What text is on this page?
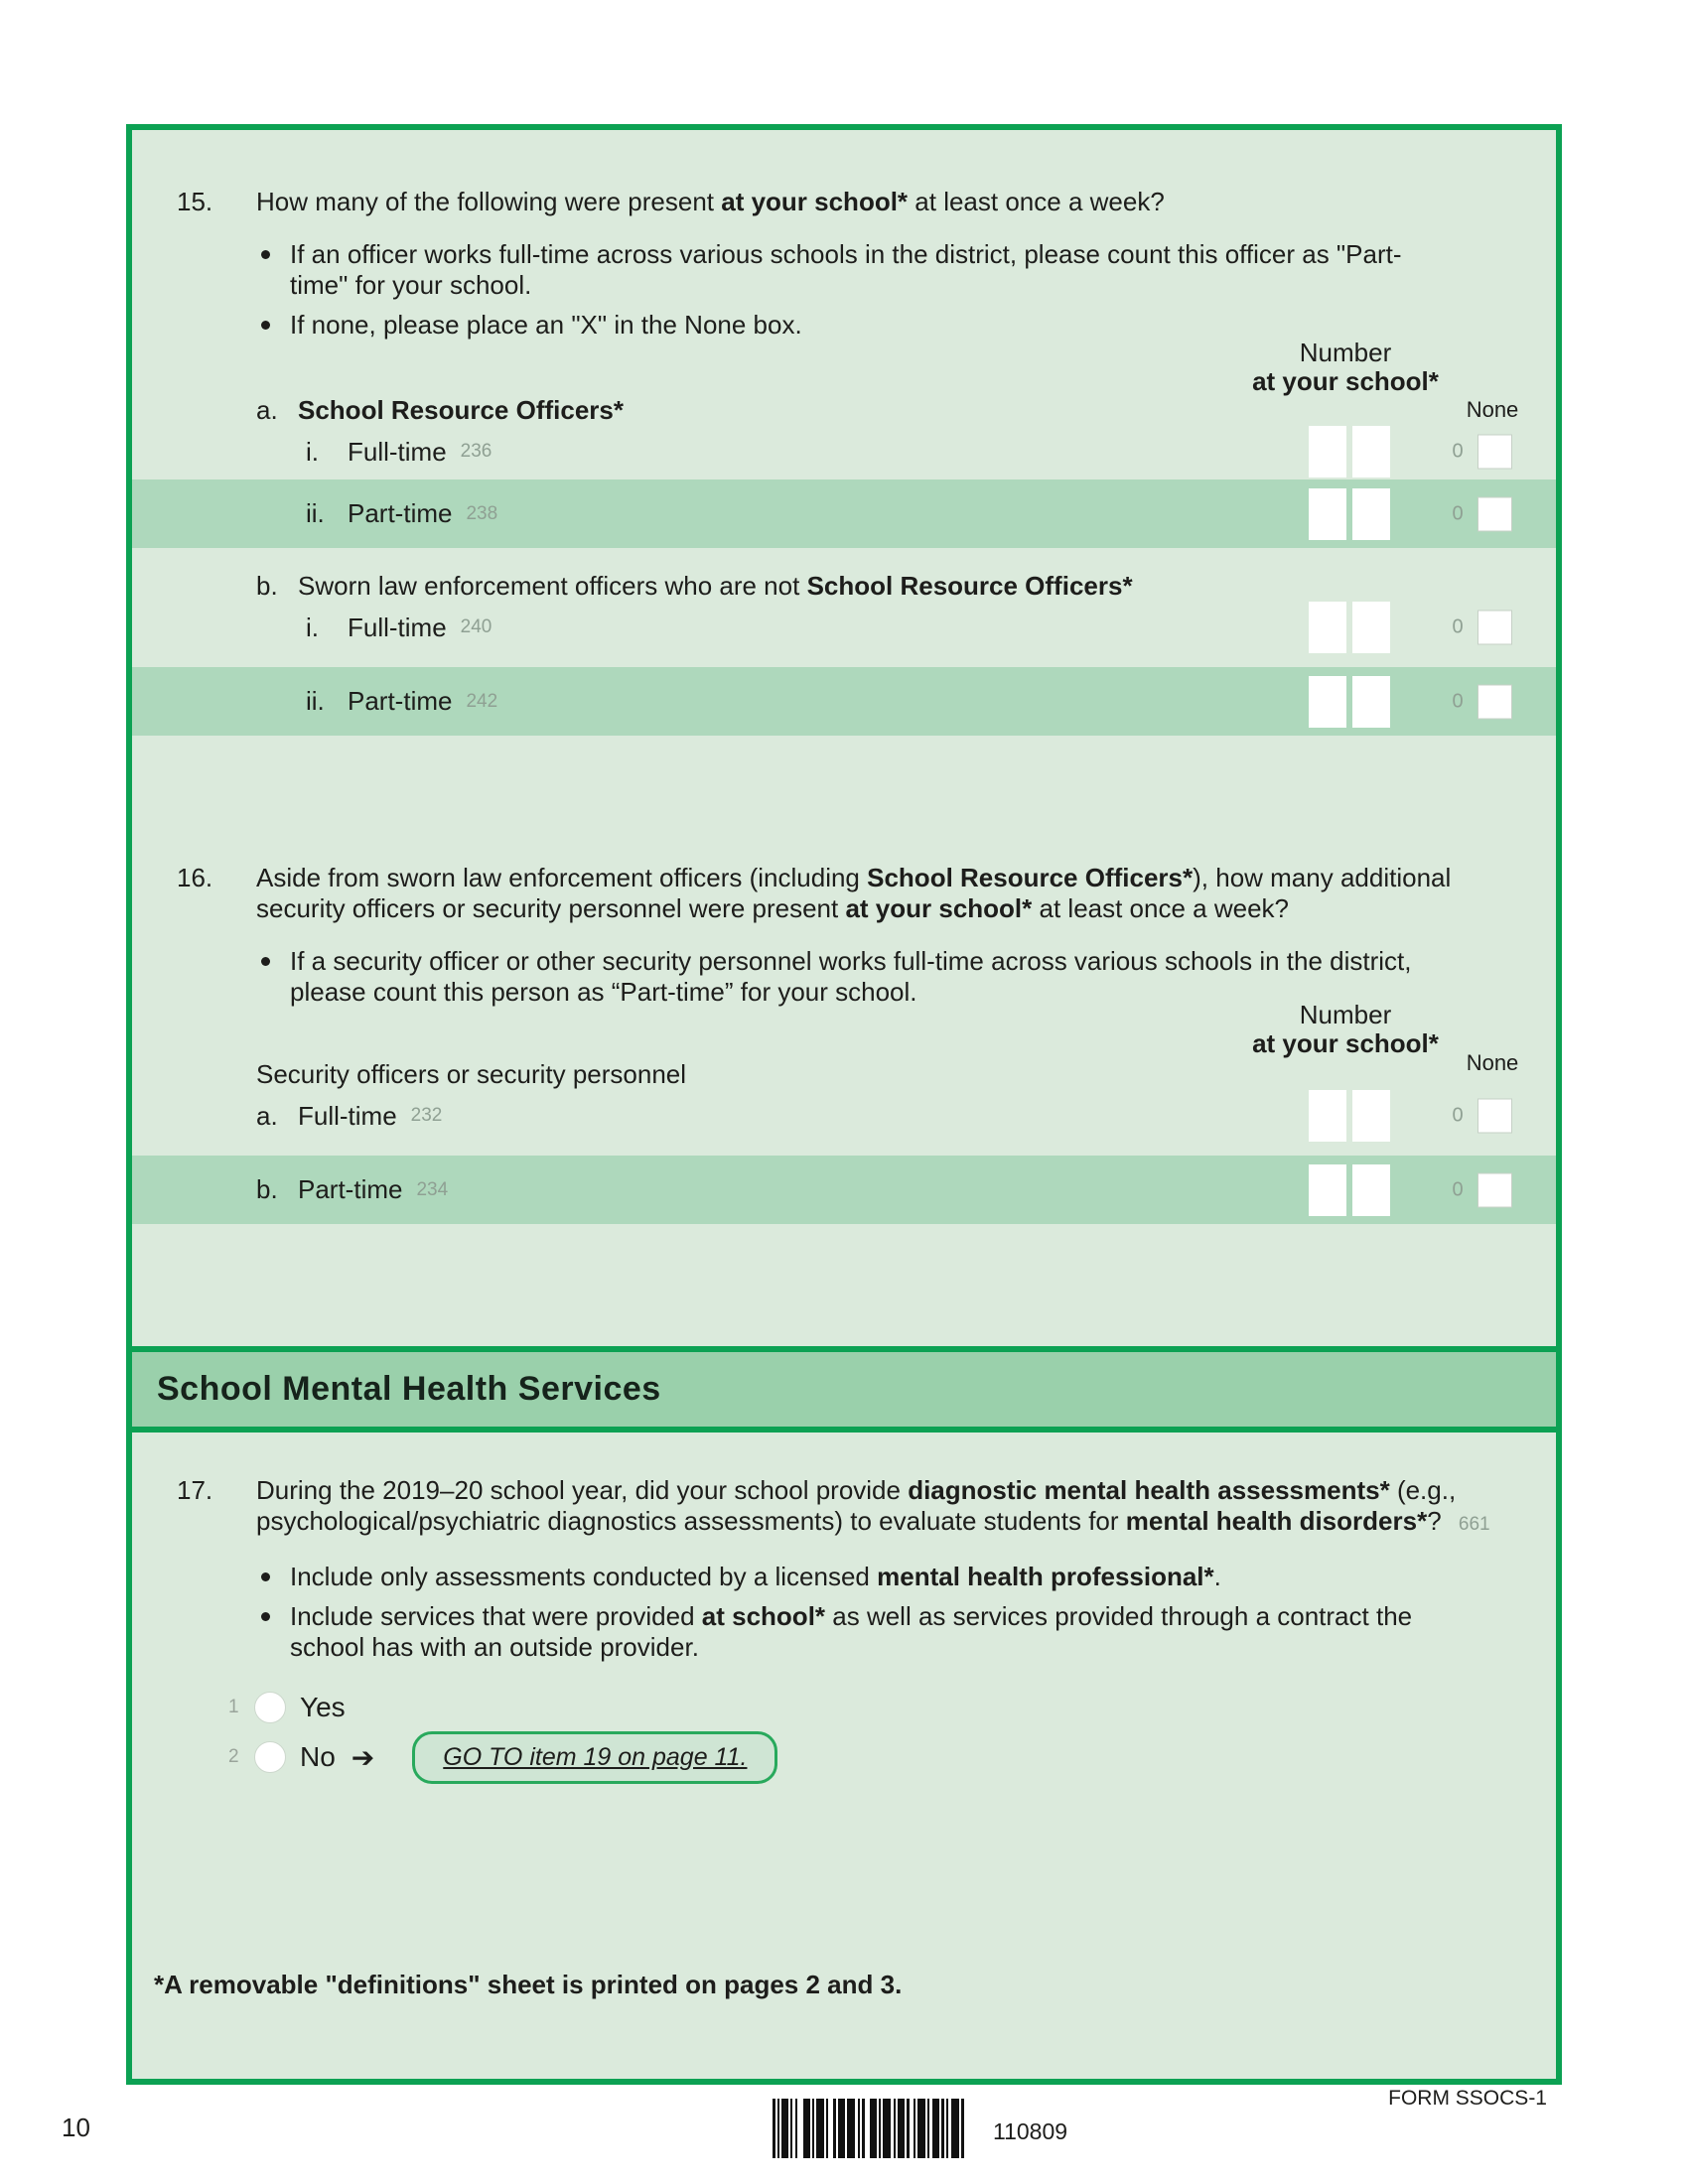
Number
at your school*
None
Number
at your school*
None
15.	How many of the following were present at your school* at least once a week?
If an officer works full-time across various schools in the district, please count this officer as "Part-time" for your school.
If none, please place an "X" in the None box.
a. School Resource Officers*
i.	Full-time 236	0
ii. Part-time 238	0
b. Sworn law enforcement officers who are not School Resource Officers*
i.	Full-time 240	0
ii. Part-time 242	0
16.	Aside from sworn law enforcement officers (including School Resource Officers*), how many additional security officers or security personnel were present at your school* at least once a week?
If a security officer or other security personnel works full-time across various schools in the district, please count this person as “Part-time” for your school.
Security officers or security personnel
a. Full-time 232	0
b. Part-time 234	0
School Mental Health Services
17.	During the 2019–20 school year, did your school provide diagnostic mental health assessments* (e.g., psychological/psychiatric diagnostics assessments) to evaluate students for mental health disorders*? 661
Include only assessments conducted by a licensed mental health professional*.
Include services that were provided at school* as well as services provided through a contract the school has with an outside provider.
1	Yes
2	No ➔	GO TO item 19 on page 11.
*A removable "definitions" sheet is printed on pages 2 and 3.
FORM SSOCS-1
10	110809
